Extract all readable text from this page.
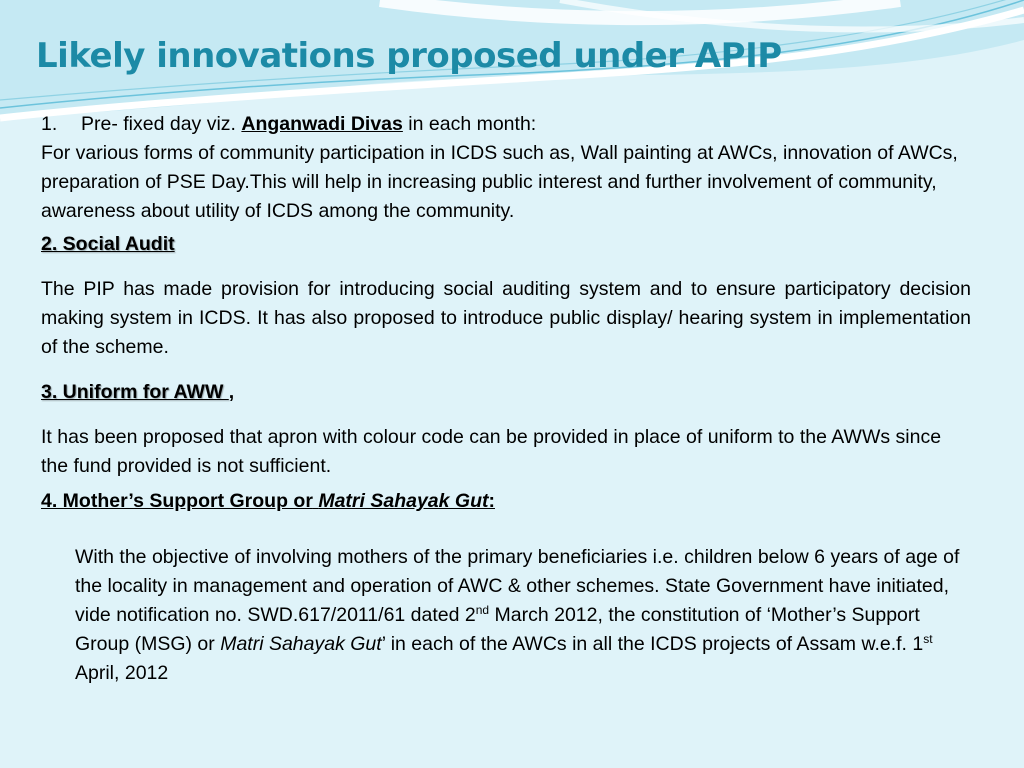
Likely innovations proposed under APIP

1. Pre- fixed day viz. Anganwadi Divas in each month:

For various forms of community participation in ICDS such as, Wall painting at AWCs, innovation of AWCs, preparation of PSE Day.This will help in increasing public interest and further involvement of community, awareness about utility of ICDS among the community.

2. Social Audit

The PIP has made provision for introducing social auditing system and to ensure participatory decision making system in ICDS. It has also proposed to introduce public display/ hearing system in implementation of the scheme.

3. Uniform for AWW ,

It has been proposed that apron with colour code can be provided in place of uniform to the AWWs since the fund provided is not sufficient.

4. Mother’s Support Group or Matri Sahayak Gut:

With the objective of involving mothers of the primary beneficiaries i.e. children below 6 years of age of the locality in management and operation of AWC & other schemes. State Government have initiated, vide notification no. SWD.617/2011/61 dated 2nd March 2012, the constitution of ‘Mother’s Support Group (MSG) or Matri Sahayak Gut’ in each of the AWCs in all the ICDS projects of Assam w.e.f. 1st April, 2012
